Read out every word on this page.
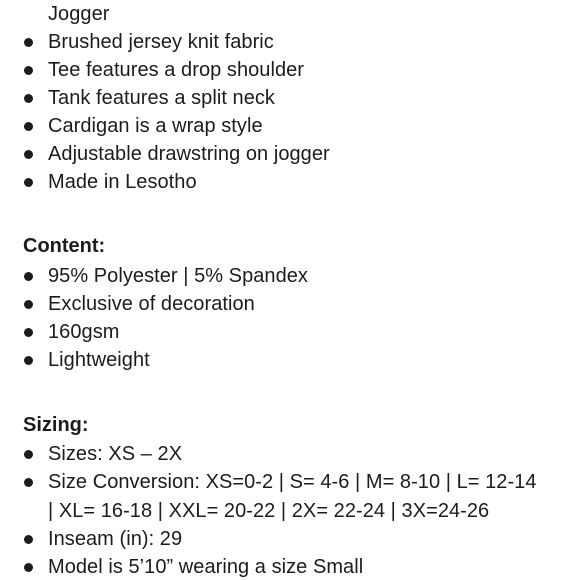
Jogger
Brushed jersey knit fabric
Tee features a drop shoulder
Tank features a split neck
Cardigan is a wrap style
Adjustable drawstring on jogger
Made in Lesotho
Content:
95% Polyester | 5% Spandex
Exclusive of decoration
160gsm
Lightweight
Sizing:
Sizes: XS – 2X
Size Conversion: XS=0-2 | S= 4-6 | M= 8-10 | L= 12-14
| XL= 16-18 | XXL= 20-22 | 2X= 22-24 | 3X=24-26
Inseam (in): 29
Model is 5’10” wearing a size Small
